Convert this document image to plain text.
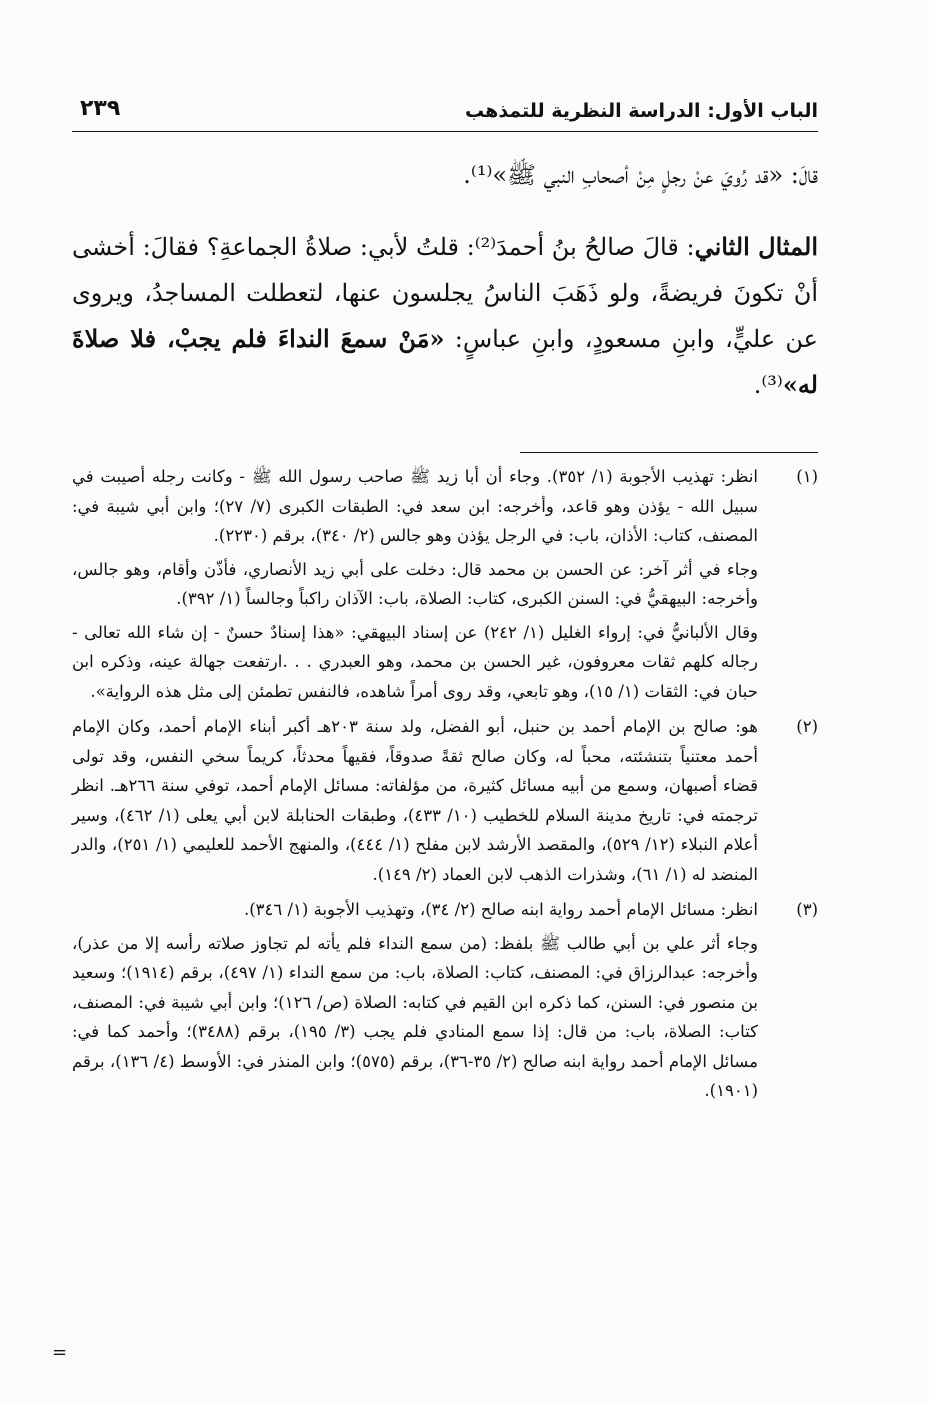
الباب الأول: الدراسة النظرية للتمذهب
٢٣٩

قالَ: «قد رُويَ عنْ رجلٍ مِنْ أصحابِ النبي ﷺ»⁽¹⁾.

المثال الثاني: قالَ صالحُ بنُ أحمدَ⁽²⁾: قلتُ لأبي: صلاةُ الجماعةِ؟ فقالَ: أخشى أنْ تكونَ فريضةً، ولو ذَهَبَ الناسُ يجلسون عنها، لتعطلت المساجدُ، ويروى عن عليٍّ، وابنِ مسعودٍ، وابنِ عباسٍ: «مَنْ سمعَ النداءَ فلم يجبْ، فلا صلاةَ له»⁽³⁾.

(١)

انظر: تهذيب الأجوبة (١/ ٣٥٢). وجاء أن أبا زيد ﷺ صاحب رسول الله ﷺ - وكانت رجله أصيبت في سبيل الله - يؤذن وهو قاعد، وأخرجه: ابن سعد في: الطبقات الكبرى (٧/ ٢٧)؛ وابن أبي شيبة في: المصنف، كتاب: الأذان، باب: في الرجل يؤذن وهو جالس (٢/ ٣٤٠)، برقم (٢٢٣٠).

وجاء في أثر آخر: عن الحسن بن محمد قال: دخلت على أبي زيد الأنصاري، فأذّن وأقام، وهو جالس، وأخرجه: البيهقيُّ في: السنن الكبرى، كتاب: الصلاة، باب: الآذان راكباً وجالساً (١/ ٣٩٢).

وقال الألبانيُّ في: إرواء الغليل (١/ ٢٤٢) عن إسناد البيهقي: «هذا إسنادٌ حسنٌ - إن شاء الله تعالى - رجاله كلهم ثقات معروفون، غير الحسن بن محمد، وهو العبدري . . .ارتفعت جهالة عينه، وذكره ابن حبان في: الثقات (١/ ١٥)، وهو تابعي، وقد روى أمراً شاهده، فالنفس تطمئن إلى مثل هذه الرواية».

(٢)

هو: صالح بن الإمام أحمد بن حنبل، أبو الفضل، ولد سنة ٢٠٣هـ أكبر أبناء الإمام أحمد، وكان الإمام أحمد معتنياً بتنشئته، محباً له، وكان صالح ثقةً صدوقاً، فقيهاً محدثاً، كريماً سخي النفس، وقد تولى قضاء أصبهان، وسمع من أبيه مسائل كثيرة، من مؤلفاته: مسائل الإمام أحمد، توفي سنة ٢٦٦هـ. انظر ترجمته في: تاريخ مدينة السلام للخطيب (١٠/ ٤٣٣)، وطبقات الحنابلة لابن أبي يعلى (١/ ٤٦٢)، وسير أعلام النبلاء (١٢/ ٥٢٩)، والمقصد الأرشد لابن مفلح (١/ ٤٤٤)، والمنهج الأحمد للعليمي (١/ ٢٥١)، والدر المنضد له (١/ ٦١)، وشذرات الذهب لابن العماد (٢/ ١٤٩).

(٣)

انظر: مسائل الإمام أحمد رواية ابنه صالح (٢/ ٣٤)، وتهذيب الأجوبة (١/ ٣٤٦).

وجاء أثر علي بن أبي طالب ﷺ بلفظ: (من سمع النداء فلم يأته لم تجاوز صلاته رأسه إلا من عذر)، وأخرجه: عبدالرزاق في: المصنف، كتاب: الصلاة، باب: من سمع النداء (١/ ٤٩٧)، برقم (١٩١٤)؛ وسعيد بن منصور في: السنن، كما ذكره ابن القيم في كتابه: الصلاة (ص/ ١٢٦)؛ وابن أبي شيبة في: المصنف، كتاب: الصلاة، باب: من قال: إذا سمع المنادي فلم يجب (٣/ ١٩٥)، برقم (٣٤٨٨)؛ وأحمد كما في: مسائل الإمام أحمد رواية ابنه صالح (٢/ ٣٥-٣٦)، برقم (٥٧٥)؛ وابن المنذر في: الأوسط (٤/ ١٣٦)، برقم (١٩٠١).

=
